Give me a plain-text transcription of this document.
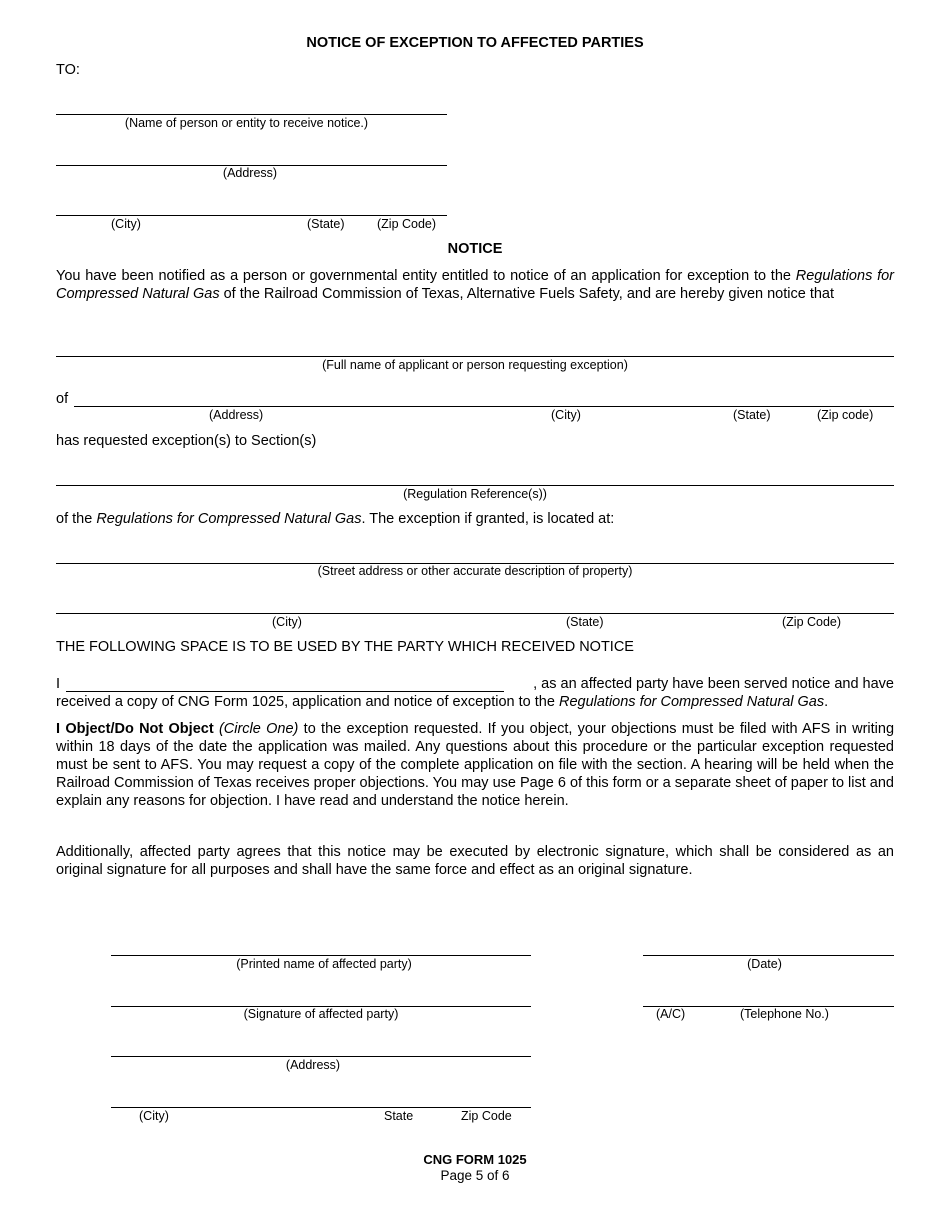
NOTICE OF EXCEPTION TO AFFECTED PARTIES
TO:
(Name of person or entity to receive notice.)
(Address)
(City)	(State)	(Zip Code)
NOTICE
You have been notified as a person or governmental entity entitled to notice of an application for exception to the Regulations for Compressed Natural Gas of the Railroad Commission of Texas, Alternative Fuels Safety, and are hereby given notice that
(Full name of applicant or person requesting exception)
of
(Address)	(City)	(State)	(Zip code)
has requested exception(s) to Section(s)
(Regulation Reference(s))
of the Regulations for Compressed Natural Gas. The exception if granted, is located at:
(Street address or other accurate description of property)
(City)	(State)	(Zip Code)
THE FOLLOWING SPACE IS TO BE USED BY THE PARTY WHICH RECEIVED NOTICE
I	, as an affected party have been served notice and have
received a copy of CNG Form 1025, application and notice of exception to the Regulations for Compressed Natural Gas.
I Object/Do Not Object (Circle One) to the exception requested. If you object, your objections must be filed with AFS in writing within 18 days of the date the application was mailed. Any questions about this procedure or the particular exception requested must be sent to AFS. You may request a copy of the complete application on file with the section. A hearing will be held when the Railroad Commission of Texas receives proper objections. You may use Page 6 of this form or a separate sheet of paper to list and explain any reasons for objection. I have read and understand the notice herein.
Additionally, affected party agrees that this notice may be executed by electronic signature, which shall be considered as an original signature for all purposes and shall have the same force and effect as an original signature.
(Printed name of affected party)	(Date)
(Signature of affected party)	(A/C)	(Telephone No.)
(Address)
(City)	State	Zip Code
CNG FORM 1025
Page 5 of 6
